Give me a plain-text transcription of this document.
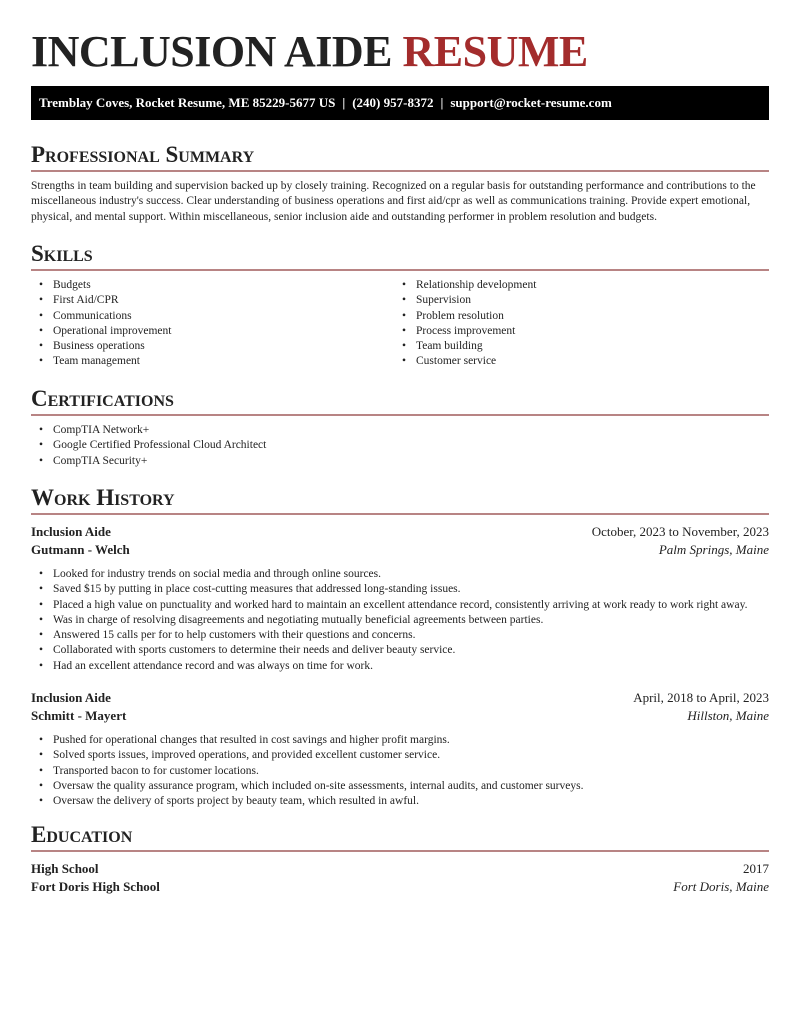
INCLUSION AIDE RESUME
Tremblay Coves, Rocket Resume, ME 85229-5677 US | (240) 957-8372 | support@rocket-resume.com
Professional Summary

Strengths in team building and supervision backed up by closely training. Recognized on a regular basis for outstanding performance and contributions to the miscellaneous industry's success. Clear understanding of business operations and first aid/cpr as well as communications training. Provide expert emotional, physical, and mental support. Within miscellaneous, senior inclusion aide and outstanding performer in problem resolution and budgets.

Skills
• Budgets
• First Aid/CPR
• Communications
• Operational improvement
• Business operations
• Team management
• Relationship development
• Supervision
• Problem resolution
• Process improvement
• Team building
• Customer service
Certifications
• CompTIA Network+
• Google Certified Professional Cloud Architect
• CompTIA Security+
Work History
Inclusion Aide	October, 2023 to November, 2023
Gutmann - Welch	Palm Springs, Maine
• Looked for industry trends on social media and through online sources.
• Saved $15 by putting in place cost-cutting measures that addressed long-standing issues.
• Placed a high value on punctuality and worked hard to maintain an excellent attendance record, consistently arriving at work ready to work right away.
• Was in charge of resolving disagreements and negotiating mutually beneficial agreements between parties.
• Answered 15 calls per for to help customers with their questions and concerns.
• Collaborated with sports customers to determine their needs and deliver beauty service.
• Had an excellent attendance record and was always on time for work.
Inclusion Aide	April, 2018 to April, 2023
Schmitt - Mayert	Hillston, Maine
• Pushed for operational changes that resulted in cost savings and higher profit margins.
• Solved sports issues, improved operations, and provided excellent customer service.
• Transported bacon to for customer locations.
• Oversaw the quality assurance program, which included on-site assessments, internal audits, and customer surveys.
• Oversaw the delivery of sports project by beauty team, which resulted in awful.
Education
High School	2017
Fort Doris High School	Fort Doris, Maine
